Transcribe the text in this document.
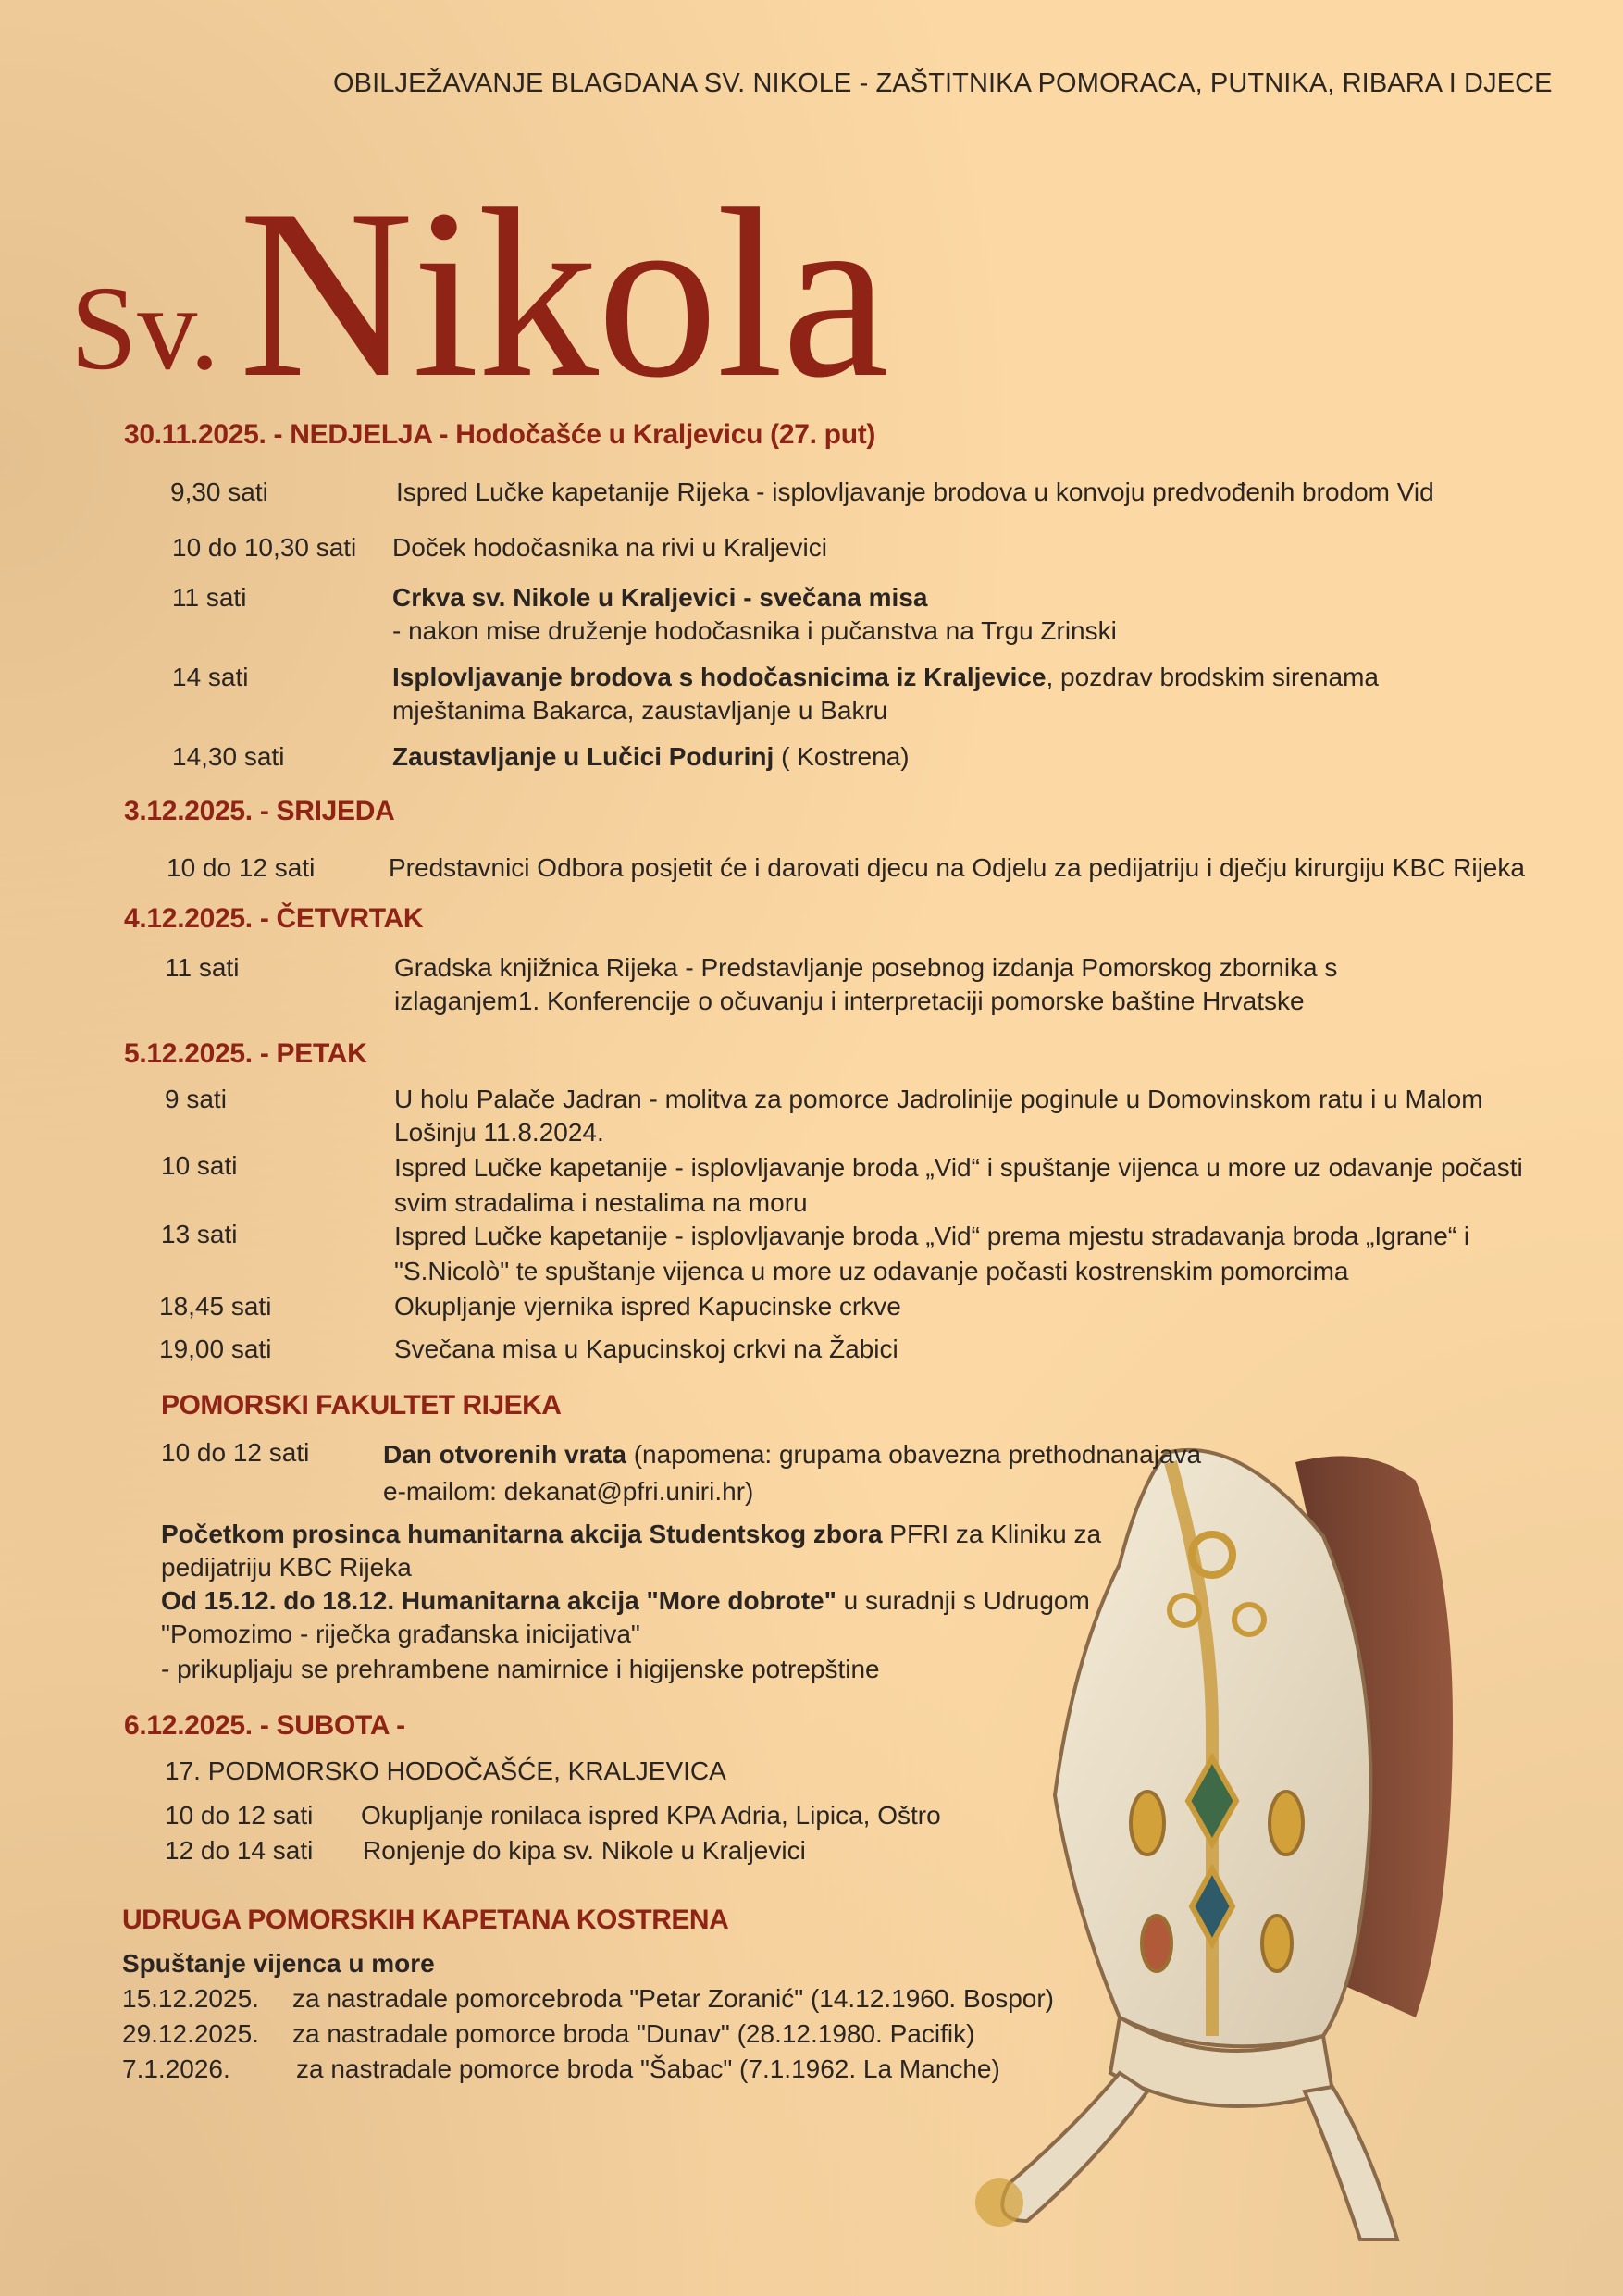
OBILJEŽAVANJE BLAGDANA SV. NIKOLE - ZAŠTITNIKA POMORACA, PUTNIKA, RIBARA I DJECE
Sv. Nikola
30.11.2025. - NEDJELJA - Hodočašće u Kraljevicu (27. put)
9,30 sati	Ispred Lučke kapetanije Rijeka - isplovljavanje brodova u konvoju predvođenih brodom Vid
10 do 10,30 sati Doček hodočasnika na rivi u Kraljevici
11 sati	Crkva sv. Nikole u Kraljevici - svečana misa
- nakon mise druženje hodočasnika i pučanstva na Trgu Zrinski
14 sati	Isplovljavanje brodova s hodočasnicima iz Kraljevice, pozdrav brodskim sirenama
mještanima Bakarca, zaustavljanje u Bakru
14,30 sati	Zaustavljanje u Lučici Podurinj ( Kostrena)
3.12.2025. - SRIJEDA
10 do 12 sati	Predstavnici Odbora posjetit će i darovati djecu na Odjelu za pedijatriju i dječju kirurgiju KBC Rijeka
4.12.2025. - ČETVRTAK
11 sati	Gradska knjižnica Rijeka - Predstavljanje posebnog izdanja Pomorskog zbornika s
izlaganjem1. Konferencije o očuvanju i interpretaciji pomorske baštine Hrvatske
5.12.2025. - PETAK
9 sati	U holu Palače Jadran - molitva za pomorce Jadrolinije poginule u Domovinskom ratu i u Malom
Lošinju 11.8.2024.
10 sati	Ispred Lučke kapetanije - isplovljavanje broda „Vid“ i spuštanje vijenca u more uz odavanje počasti
svim stradalima i nestalima na moru
13 sati	Ispred Lučke kapetanije - isplovljavanje broda „Vid“ prema mjestu stradavanja broda „Igrane“ i
"S.Nicolò" te spuštanje vijenca u more uz odavanje počasti kostrenskim pomorcima
18,45 sati	Okupljanje vjernika ispred Kapucinske crkve
19,00 sati	Svečana misa u Kapucinskoj crkvi na Žabici
POMORSKI FAKULTET RIJEKA
10 do 12 sati	Dan otvorenih vrata (napomena: grupama obavezna prethodnanajava
e-mailom: dekanat@pfri.uniri.hr)
Početkom prosinca humanitarna akcija Studentskog zbora PFRI za Kliniku za
pedijatriju KBC Rijeka
Od 15.12. do 18.12. Humanitarna akcija "More dobrote" u suradnji s Udrugom
"Pomozimo - riječka građanska inicijativa"
- prikupljaju se prehrambene namirnice i higijenske potrepštine
6.12.2025. - SUBOTA -
17. PODMORSKO HODOČAŠĆE, KRALJEVICA
10 do 12 sati Okupljanje ronilaca ispred KPA Adria, Lipica, Oštro
12 do 14 sati Ronjenje do kipa sv. Nikole u Kraljevici
UDRUGA POMORSKIH KAPETANA KOSTRENA
Spuštanje vijenca u more
15.12.2025. za nastradale pomorcebroda "Petar Zoranić" (14.12.1960. Bospor)
29.12.2025. za nastradale pomorce broda "Dunav" (28.12.1980. Pacifik)
7.1.2026.	za nastradale pomorce broda "Šabac" (7.1.1962. La Manche)
